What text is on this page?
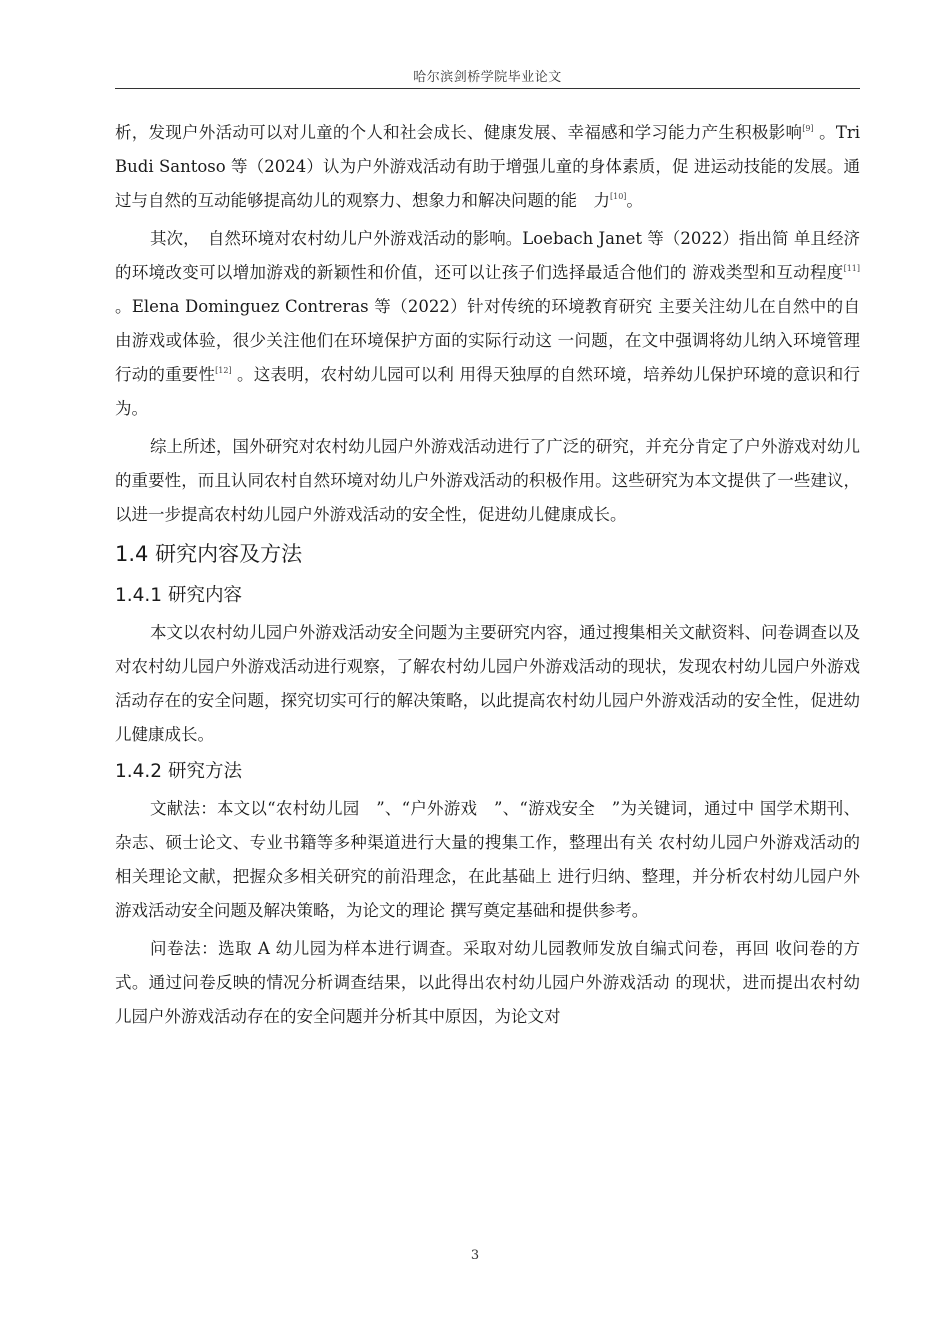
哈尔滨剑桥学院毕业论文

析，发现户外活动可以对儿童的个人和社会成长、健康发展、幸福感和学习能力产生积极影响[9] 。Tri Budi Santoso 等（2024）认为户外游戏活动有助于增强儿童的身体素质，促 进运动技能的发展。通过与自然的互动能够提高幼儿的观察力、想象力和解决问题的能　力[10]。

其次，　自然环境对农村幼儿户外游戏活动的影响。Loebach Janet 等（2022）指出简 单且经济的环境改变可以增加游戏的新颖性和价值，还可以让孩子们选择最适合他们的 游戏类型和互动程度[11] 。Elena Dominguez Contreras 等（2022）针对传统的环境教育研究 主要关注幼儿在自然中的自由游戏或体验，很少关注他们在环境保护方面的实际行动这 一问题，在文中强调将幼儿纳入环境管理行动的重要性[12] 。这表明，农村幼儿园可以利 用得天独厚的自然环境，培养幼儿保护环境的意识和行为。

综上所述，国外研究对农村幼儿园户外游戏活动进行了广泛的研究，并充分肯定了户外游戏对幼儿的重要性，而且认同农村自然环境对幼儿户外游戏活动的积极作用。这些研究为本文提供了一些建议，以进一步提高农村幼儿园户外游戏活动的安全性，促进幼儿健康成长。

1.4 研究内容及方法
1.4.1 研究内容

本文以农村幼儿园户外游戏活动安全问题为主要研究内容，通过搜集相关文献资料、问卷调查以及对农村幼儿园户外游戏活动进行观察，了解农村幼儿园户外游戏活动的现状，发现农村幼儿园户外游戏活动存在的安全问题，探究切实可行的解决策略，以此提高农村幼儿园户外游戏活动的安全性，促进幼儿健康成长。

1.4.2 研究方法

文献法：本文以“农村幼儿园　”、“户外游戏　”、“游戏安全　”为关键词，通过中 国学术期刊、杂志、硕士论文、专业书籍等多种渠道进行大量的搜集工作，整理出有关 农村幼儿园户外游戏活动的相关理论文献，把握众多相关研究的前沿理念，在此基础上 进行归纳、整理，并分析农村幼儿园户外游戏活动安全问题及解决策略，为论文的理论 撰写奠定基础和提供参考。

问卷法：选取 A 幼儿园为样本进行调查。采取对幼儿园教师发放自编式问卷，再回 收问卷的方式。通过问卷反映的情况分析调查结果，以此得出农村幼儿园户外游戏活动 的现状，进而提出农村幼儿园户外游戏活动存在的安全问题并分析其中原因，为论文对

3
